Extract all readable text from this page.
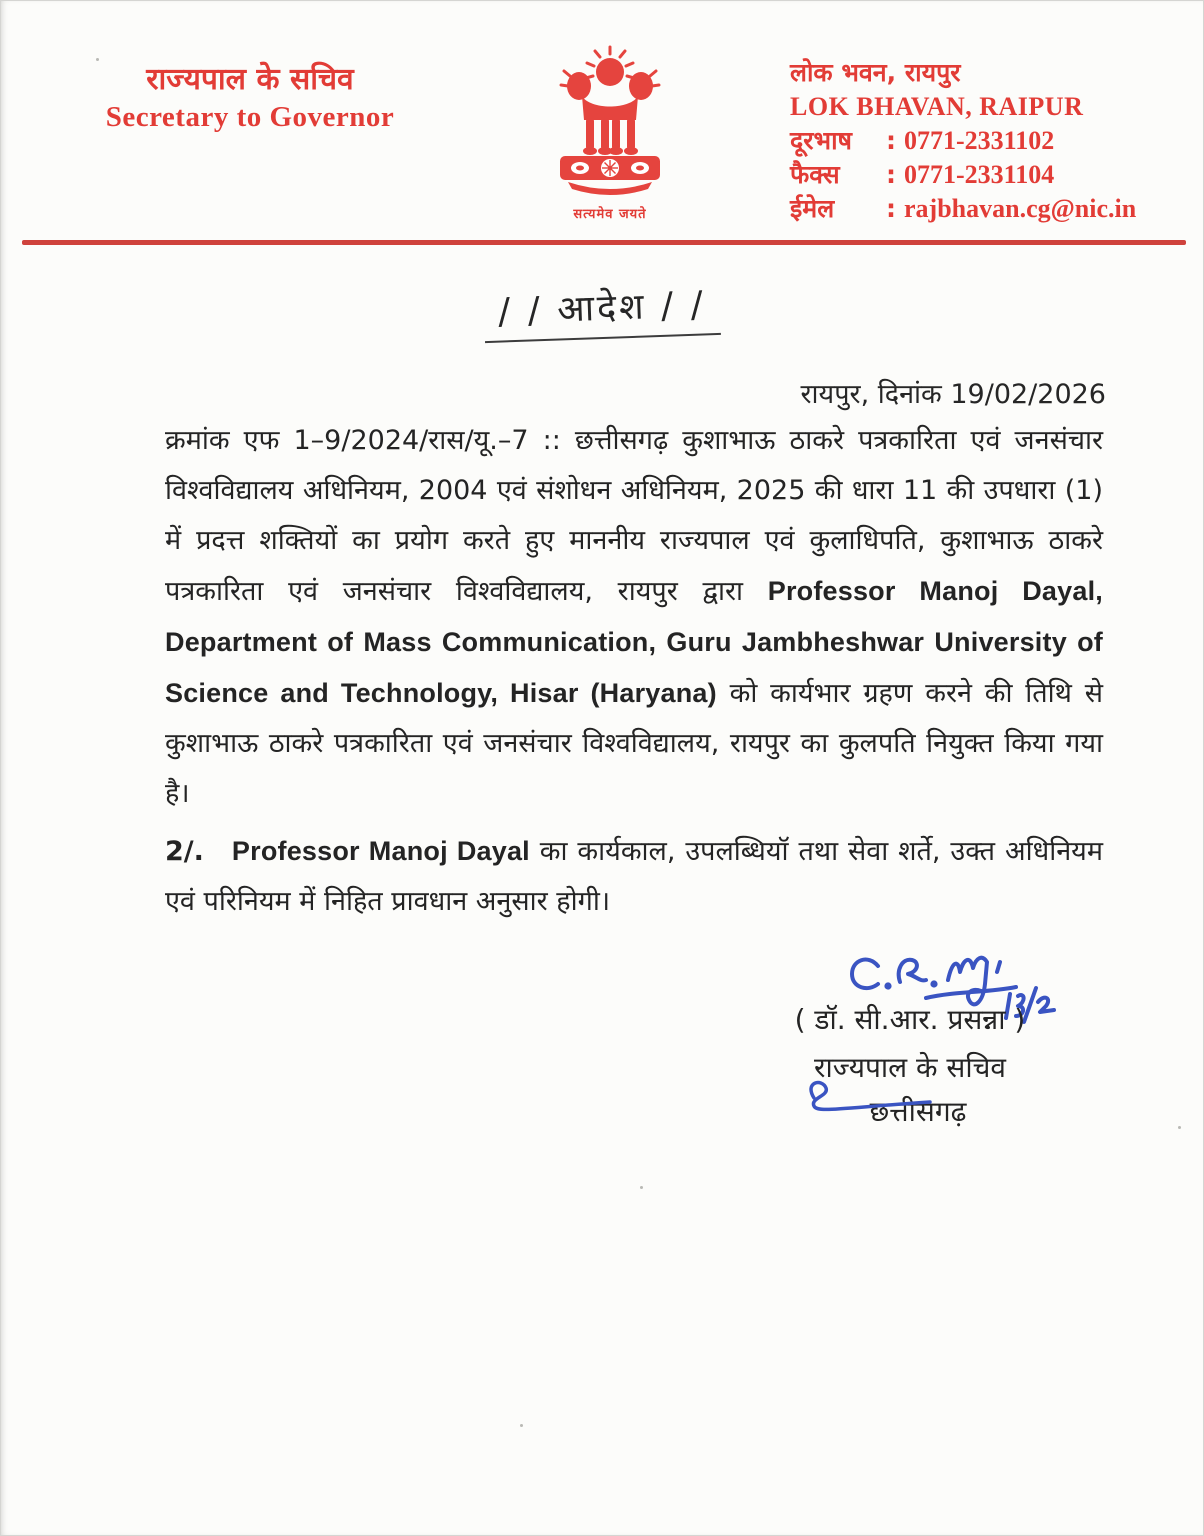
राज्यपाल के सचिव
Secretary to Governor
सत्यमेव जयते
लोक भवन, रायपुर
LOK BHAVAN, RAIPUR
दूरभाष	: 0771-2331102
फैक्स	: 0771-2331104
ईमेल	: rajbhavan.cg@nic.in
/ / आदेश / /
रायपुर, दिनांक 19/02/2026
क्रमांक एफ 1–9/2024/रास/यू.–7 :: छत्तीसगढ़ कुशाभाऊ ठाकरे पत्रकारिता एवं जनसंचार विश्वविद्यालय अधिनियम, 2004 एवं संशोधन अधिनियम, 2025 की धारा 11 की उपधारा (1) में प्रदत्त शक्तियों का प्रयोग करते हुए माननीय राज्यपाल एवं कुलाधिपति, कुशाभाऊ ठाकरे पत्रकारिता एवं जनसंचार विश्वविद्यालय, रायपुर द्वारा Professor Manoj Dayal, Department of Mass Communication, Guru Jambheshwar University of Science and Technology, Hisar (Haryana) को कार्यभार ग्रहण करने की तिथि से कुशाभाऊ ठाकरे पत्रकारिता एवं जनसंचार विश्वविद्यालय, रायपुर का कुलपति नियुक्त किया गया है।
2/. Professor Manoj Dayal का कार्यकाल, उपलब्धियॉ तथा सेवा शर्ते, उक्त अधिनियम एवं परिनियम में निहित प्रावधान अनुसार होगी।
( डॉ. सी.आर. प्रसन्ना )
राज्यपाल के सचिव
छत्तीसगढ़
